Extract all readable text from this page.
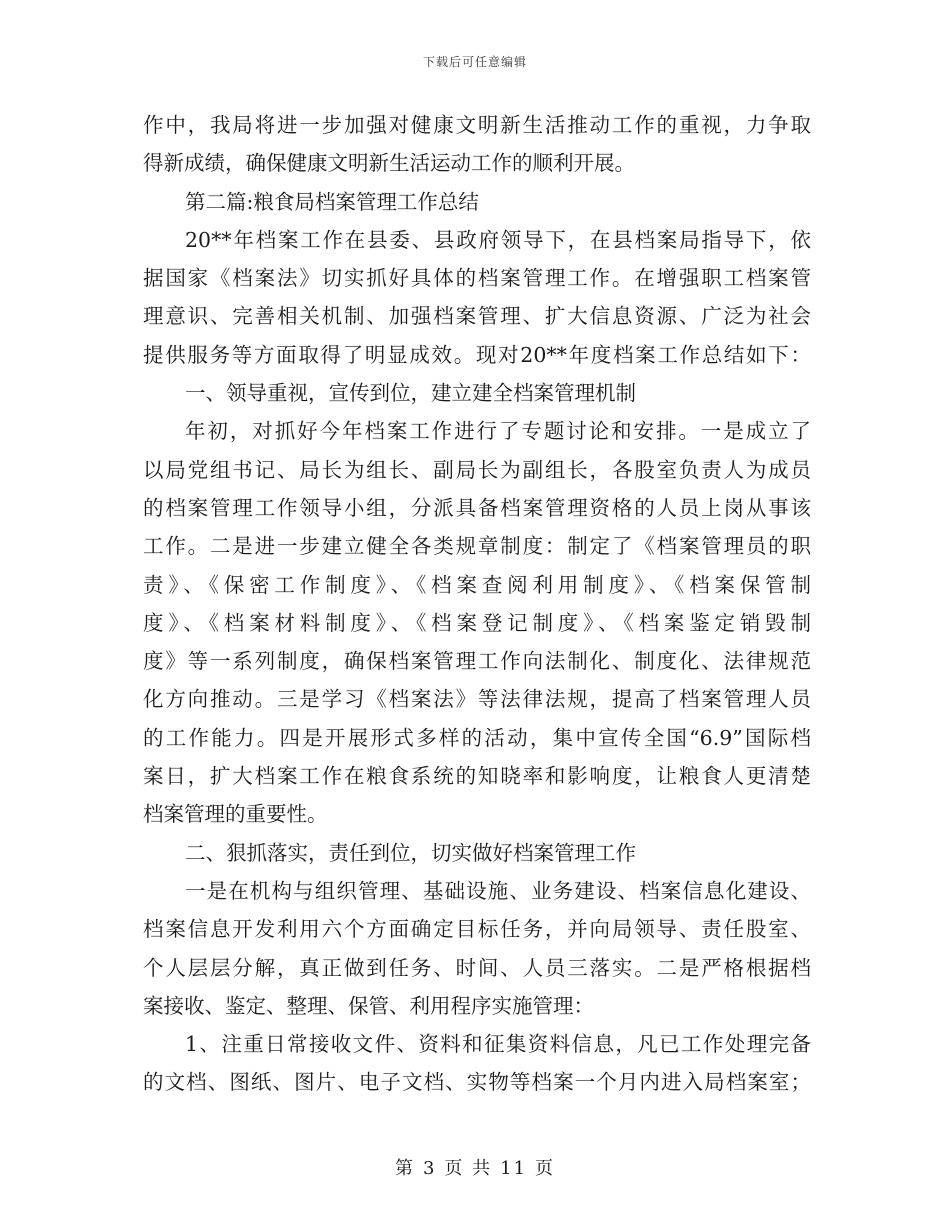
下载后可任意编辑
作中，我局将进一步加强对健康文明新生活推动工作的重视，力争取
得新成绩，确保健康文明新生活运动工作的顺利开展。
第二篇:粮食局档案管理工作总结
20**年档案工作在县委、县政府领导下，在县档案局指导下，依
据国家《档案法》切实抓好具体的档案管理工作。在增强职工档案管
理意识、完善相关机制、加强档案管理、扩大信息资源、广泛为社会
提供服务等方面取得了明显成效。现对20**年度档案工作总结如下：
一、领导重视，宣传到位，建立建全档案管理机制
年初，对抓好今年档案工作进行了专题讨论和安排。一是成立了
以局党组书记、局长为组长、副局长为副组长，各股室负责人为成员
的档案管理工作领导小组，分派具备档案管理资格的人员上岗从事该
工作。二是进一步建立健全各类规章制度：制定了《档案管理员的职
责》、《保密工作制度》、《档案查阅利用制度》、《档案保管制
度》、《档案材料制度》、《档案登记制度》、《档案鉴定销毁制
度》等一系列制度，确保档案管理工作向法制化、制度化、法律规范
化方向推动。三是学习《档案法》等法律法规，提高了档案管理人员
的工作能力。四是开展形式多样的活动，集中宣传全国“6.9”国际档
案日，扩大档案工作在粮食系统的知晓率和影响度，让粮食人更清楚
档案管理的重要性。
二、狠抓落实，责任到位，切实做好档案管理工作
一是在机构与组织管理、基础设施、业务建设、档案信息化建设、
档案信息开发利用六个方面确定目标任务，并向局领导、责任股室、
个人层层分解，真正做到任务、时间、人员三落实。二是严格根据档
案接收、鉴定、整理、保管、利用程序实施管理：
1、注重日常接收文件、资料和征集资料信息，凡已工作处理完备
的文档、图纸、图片、电子文档、实物等档案一个月内进入局档案室；
第 3 页 共 11 页
